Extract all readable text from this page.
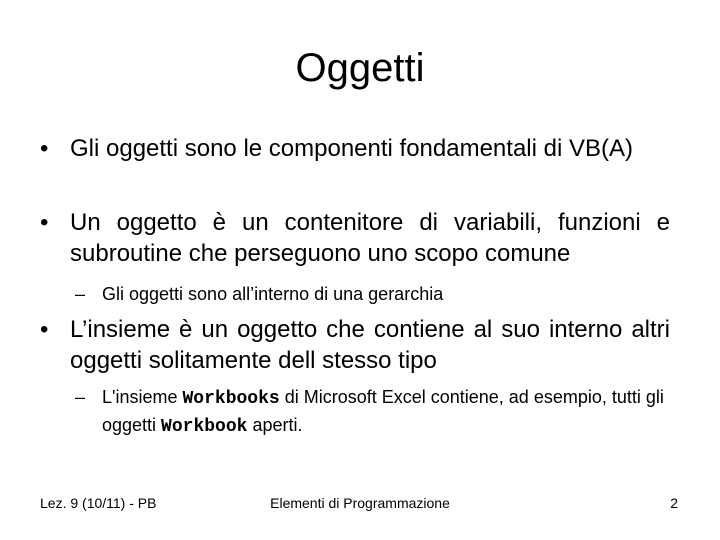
Oggetti
• Gli oggetti sono le componenti fondamentali di VB(A)
• Un oggetto è un contenitore di variabili, funzioni e subroutine che perseguono uno scopo comune
– Gli oggetti sono all’interno di una gerarchia
• L’insieme è un oggetto che contiene al suo interno altri oggetti solitamente dell stesso tipo
– L'insieme Workbooks di Microsoft Excel contiene, ad esempio, tutti gli oggetti Workbook aperti.
Lez. 9 (10/11) - PB	Elementi di Programmazione	2
